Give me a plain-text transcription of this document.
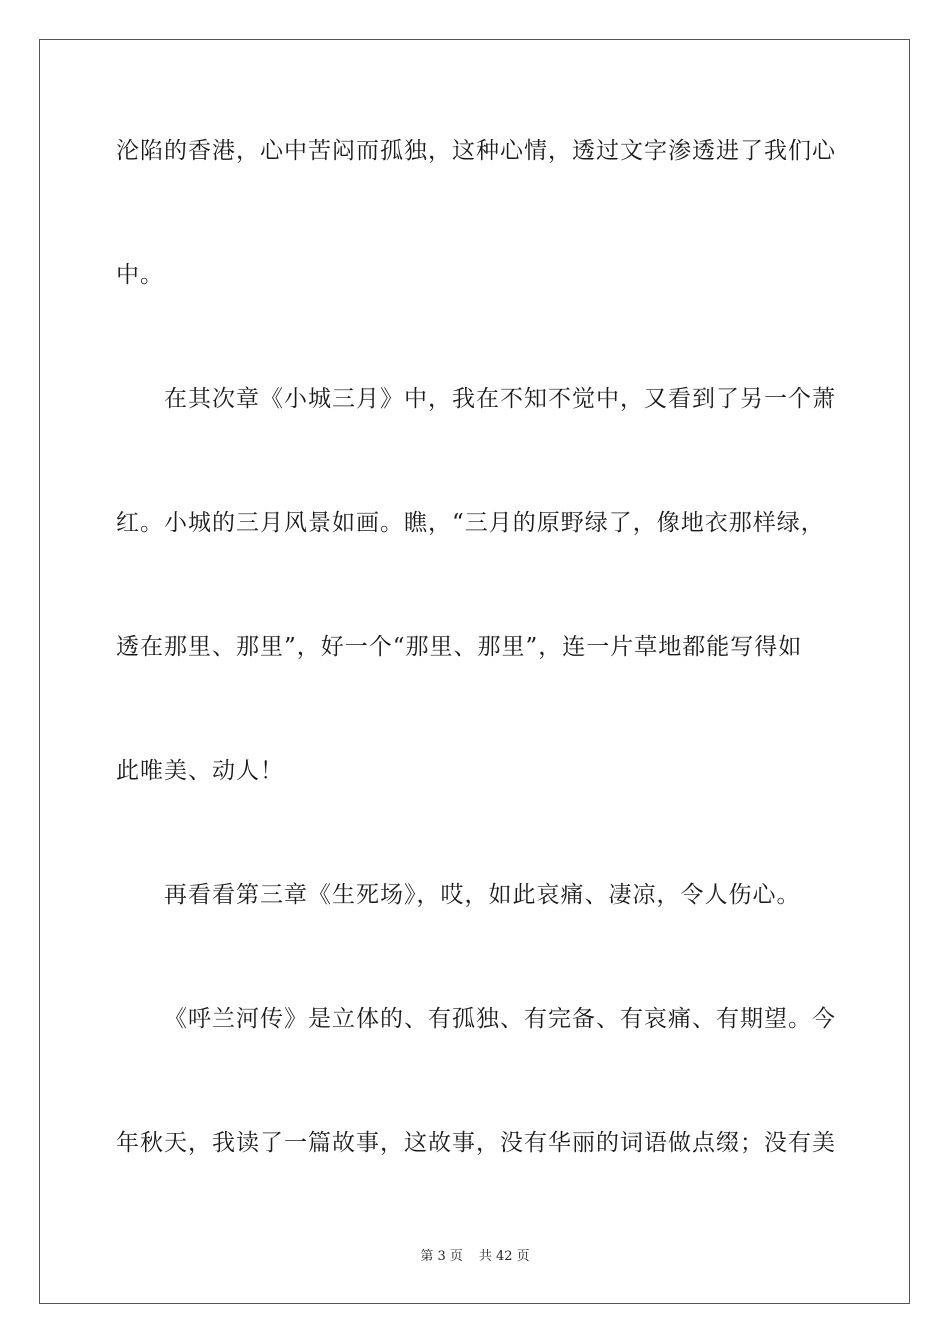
沦陷的香港，心中苦闷而孤独，这种心情，透过文字渗透进了我们心
中。
在其次章《小城三月》中，我在不知不觉中，又看到了另一个萧
红。小城的三月风景如画。瞧，“三月的原野绿了，像地衣那样绿，
透在那里、那里”，好一个“那里、那里”，连一片草地都能写得如
此唯美、动人！
再看看第三章《生死场》，哎，如此哀痛、凄凉，令人伤心。
《呼兰河传》是立体的、有孤独、有完备、有哀痛、有期望。今
年秋天，我读了一篇故事，这故事，没有华丽的词语做点缀；没有美
第 3 页 共 42 页
